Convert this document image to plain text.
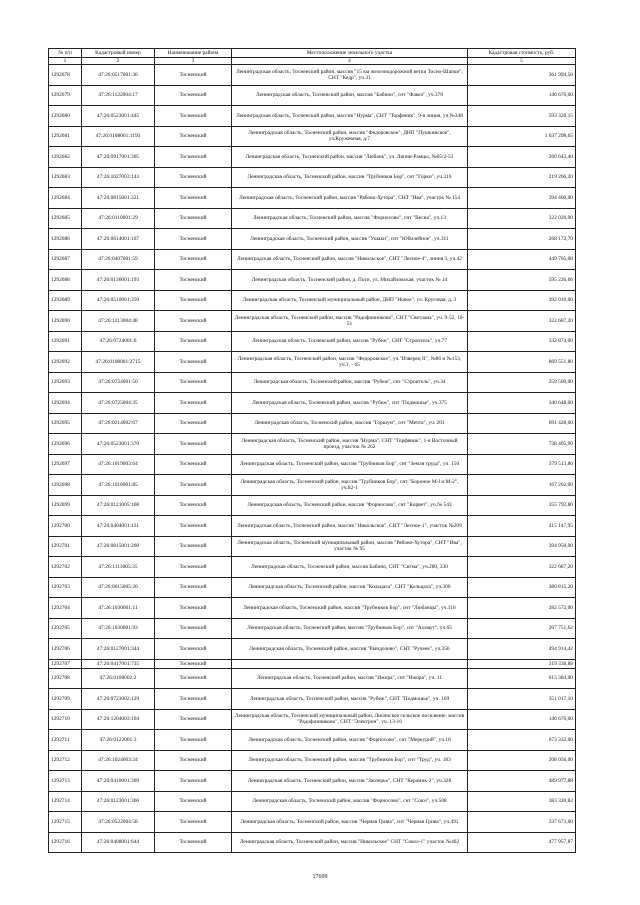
№ п/п	Кадастровый номер	Наименование района	Местоположение земельного участка	Кадастровая стоимость, руб.
1	2	3	4	5
1292678	47:26:0517001:36	Тосненский	Ленинградская область, Тосненский район, массив "15 км железнодорожной ветки Тосно-Шапки", СНТ "Кедр", уч.31	361 994,56
1292679	47:26:1122004:17	Тосненский	Ленинградская область, Тосненский район, массив "Бабино", снт "Факел", уч.370	146 676,00
1292680	47:26:0523001:445	Тосненский	Ленинградская область, Тосненский район, массив "Нурма", СНТ "Торфяник", 9-я линия, уч.№348	593 326,15
1292681	47:26:0108001:1193	Тосненский	Ленинградская область, Тосненский район, массив "Федоровское", ДНП "Пушкинское", ул.Кружевная, д.7	1 637 298,65
1292682	47:26:0917001:305	Тосненский	Ленинградская область, Тосненский район, массив "Любань", ул. Ляпин-Рамцы, №65/2-53	260 643,40
1292683	47:26:1027003:143	Тосненский	Ленинградская область, Тосненский район, массив "Трубников Бор", снт "Горки", уч.316	219 266,20
1292684	47:26:0815001:321	Тосненский	Ленинградская область, Тосненский район, массив "Рябово-Хутора", СНТ "Ива", участок № 154	394 400,00
1292685	47:26:0110001:29	Тосненский	Ленинградская область, Тосненский район, массив "Форносово", снт "Весна", уч.13	322 020,00
1292686	47:26:0614001:167	Тосненский	Ленинградская область, Тосненский район, массив "Ушаки", снт "Юбилейное", уч.311	268 172,70
1292687	47:26:0407001:59	Тосненский	Ленинградская область, Тосненский район, массив "Никольское", СНТ "Лесное-4", линия 3, уч.42	449 705,08
1292688	47:26:0130001:193	Тосненский	Ленинградская область, Тосненский район, д. Поги, ул. Михайловская, участок № 14	595 226,66
1292689	47:26:0510001:350	Тосненский	Ленинградская область, Тосненский муниципальный район, ДНП "Новое", ул. Круговая, д. 3	392 010,00
1292690	47:26:1213004:48	Тосненский	Ленинградская область, Тосненский район, массив "Радофинниково", СНТ "Светлана", уч. 9-52, 10-51	322 687,20
1292691	47:26:0724001:6	Тосненский	Ленинградская область, Тосненский район, массив "Рубеж", СНТ "Строитель", уч.77	332 874,00
1292692	47:26:0108001:2715	Тосненский	Ленинградская область, Тосненский район, массив "Федоровское", уч."Изверец II", №86 и №153, уч.1, - 65	869 551,80
1292693	47:26:0724001:50	Тосненский	Ленинградская область, Тосненский район, массив "Рубеж", снт "Строитель", уч.34	259 500,00
1292694	47:26:0725004:35	Тосненский	Ленинградская область, Тосненский район, массив "Рубеж", снт "Подмошье", уч.375	340 648,00
1292695	47:26:0214002:67	Тосненский	Ленинградская область, Тосненский район, массив "Горшум", снт "Мечта", уч. 201	691 428,00
1292696	47:26:0523001:370	Тосненский	Ленинградская область, Тосненский район, массив "Нурма", СНТ "Торфяник", 1-я Восточный проезд, участок № 262	738 405,90
1292697	47:26:1019003:64	Тосненский	Ленинградская область, Тосненский район, массив "Трубников Бор", снт "Земля труда", уч. 150	379 513,86
1292698	47:26:1016001:85	Тосненский	Ленинградская область, Тосненский район, массив "Трубников Бор", снт "Бороное М-I и М-2", уч.82-1	167 202,00
1292699	47:26:0121005:108	Тосненский	Ленинградская область, Тосненский район, массив "Форносово", снт "Корвет", уч.№ 543	355 792,80
1292700	47:26:0404001:131	Тосненский	Ленинградская область, Тосненский район, массив "Никольское", СНТ "Лесное-1", участок №209	415 147,95
1292701	47:26:0815001:260	Тосненский	Ленинградская область, Тосненский муниципальный район, массив "Рябово-Хутора", СНТ "Ива", участок № 95	394 950,00
1292702	47:26:1113005:35	Тосненский	Ленинградская область, Тосненский район, массив Бабино, СНТ "Сигма", уч.280, 330	322 687,20
1292703	47:26:0615005:20	Тосненский	Ленинградская область, Тосненский район, массив "Кольцаха", СНТ "Кольцаха", уч.300	380 815,20
1292704	47:26:1030001:11	Тосненский	Ленинградская область, Тосненский район, массив "Трубников Бор", снт "Любанцы", уч.116	282 572,00
1292705	47:26:1030001:93	Тосненский	Ленинградская область, Тосненский район, массив "Трубников Бор", снт "Ахмаут", уч.65	207 751,62
1292706	47:26:0127001:344	Тосненский	Ленинградская область, Тосненский район, массив "Рындолево", СНТ "Ручеек", уч.356	494 914,42
1292707	47:26:0417001:735	Тосненский		319 338,88
1292708	47:26:0108002:2	Тосненский	Ленинградская область, Тосненский район, массив "Ижора", снт "Ижора", уч. 11	615 384,00
1292709	47:26:0723002:129	Тосненский	Ленинградская область, Тосненский район, массив "Рубеж", СНТ "Подмошье", уч. 169	351 017,10
1292710	47:26:1204003:104	Тосненский	Ленинградская область, Тосненский муниципальный район, Лисинское сельское поселение, массив "Радофинниково", СНТ "Электрон", уч. 13-16	146 676,00
1292711	47:26:0122001:3	Тосненский	Ленинградская область, Тосненский район, массив "Форносово", снт "Меркурий", уч.18	673 332,00
1292712	47:26:1024003:24	Тосненский	Ленинградская область, Тосненский район, массив "Трубников Бор", снт "Труд", уч. 183	208 056,00
1292713	47:26:0410001:309	Тосненский	Ленинградская область, Тосненский район, массив "Заозерье", СНТ "Керамик-2", уч.328	489 977,88
1292714	47:26:0123001:366	Тосненский	Ленинградская область, Тосненский район, массив "Форносово", снт "Союз", уч.508	383 320,82
1292715	47:26:0522004:58	Тосненский	Ленинградская область, Тосненский район, массив "Черная Грива", снт "Черная Грива", уч.491	337 673,60
1292716	47:26:0408001:644	Тосненский	Ленинградская область, Тосненский район, массив "Никольское" СНТ "Сокол-1" участок №402	477 957,87
17699
